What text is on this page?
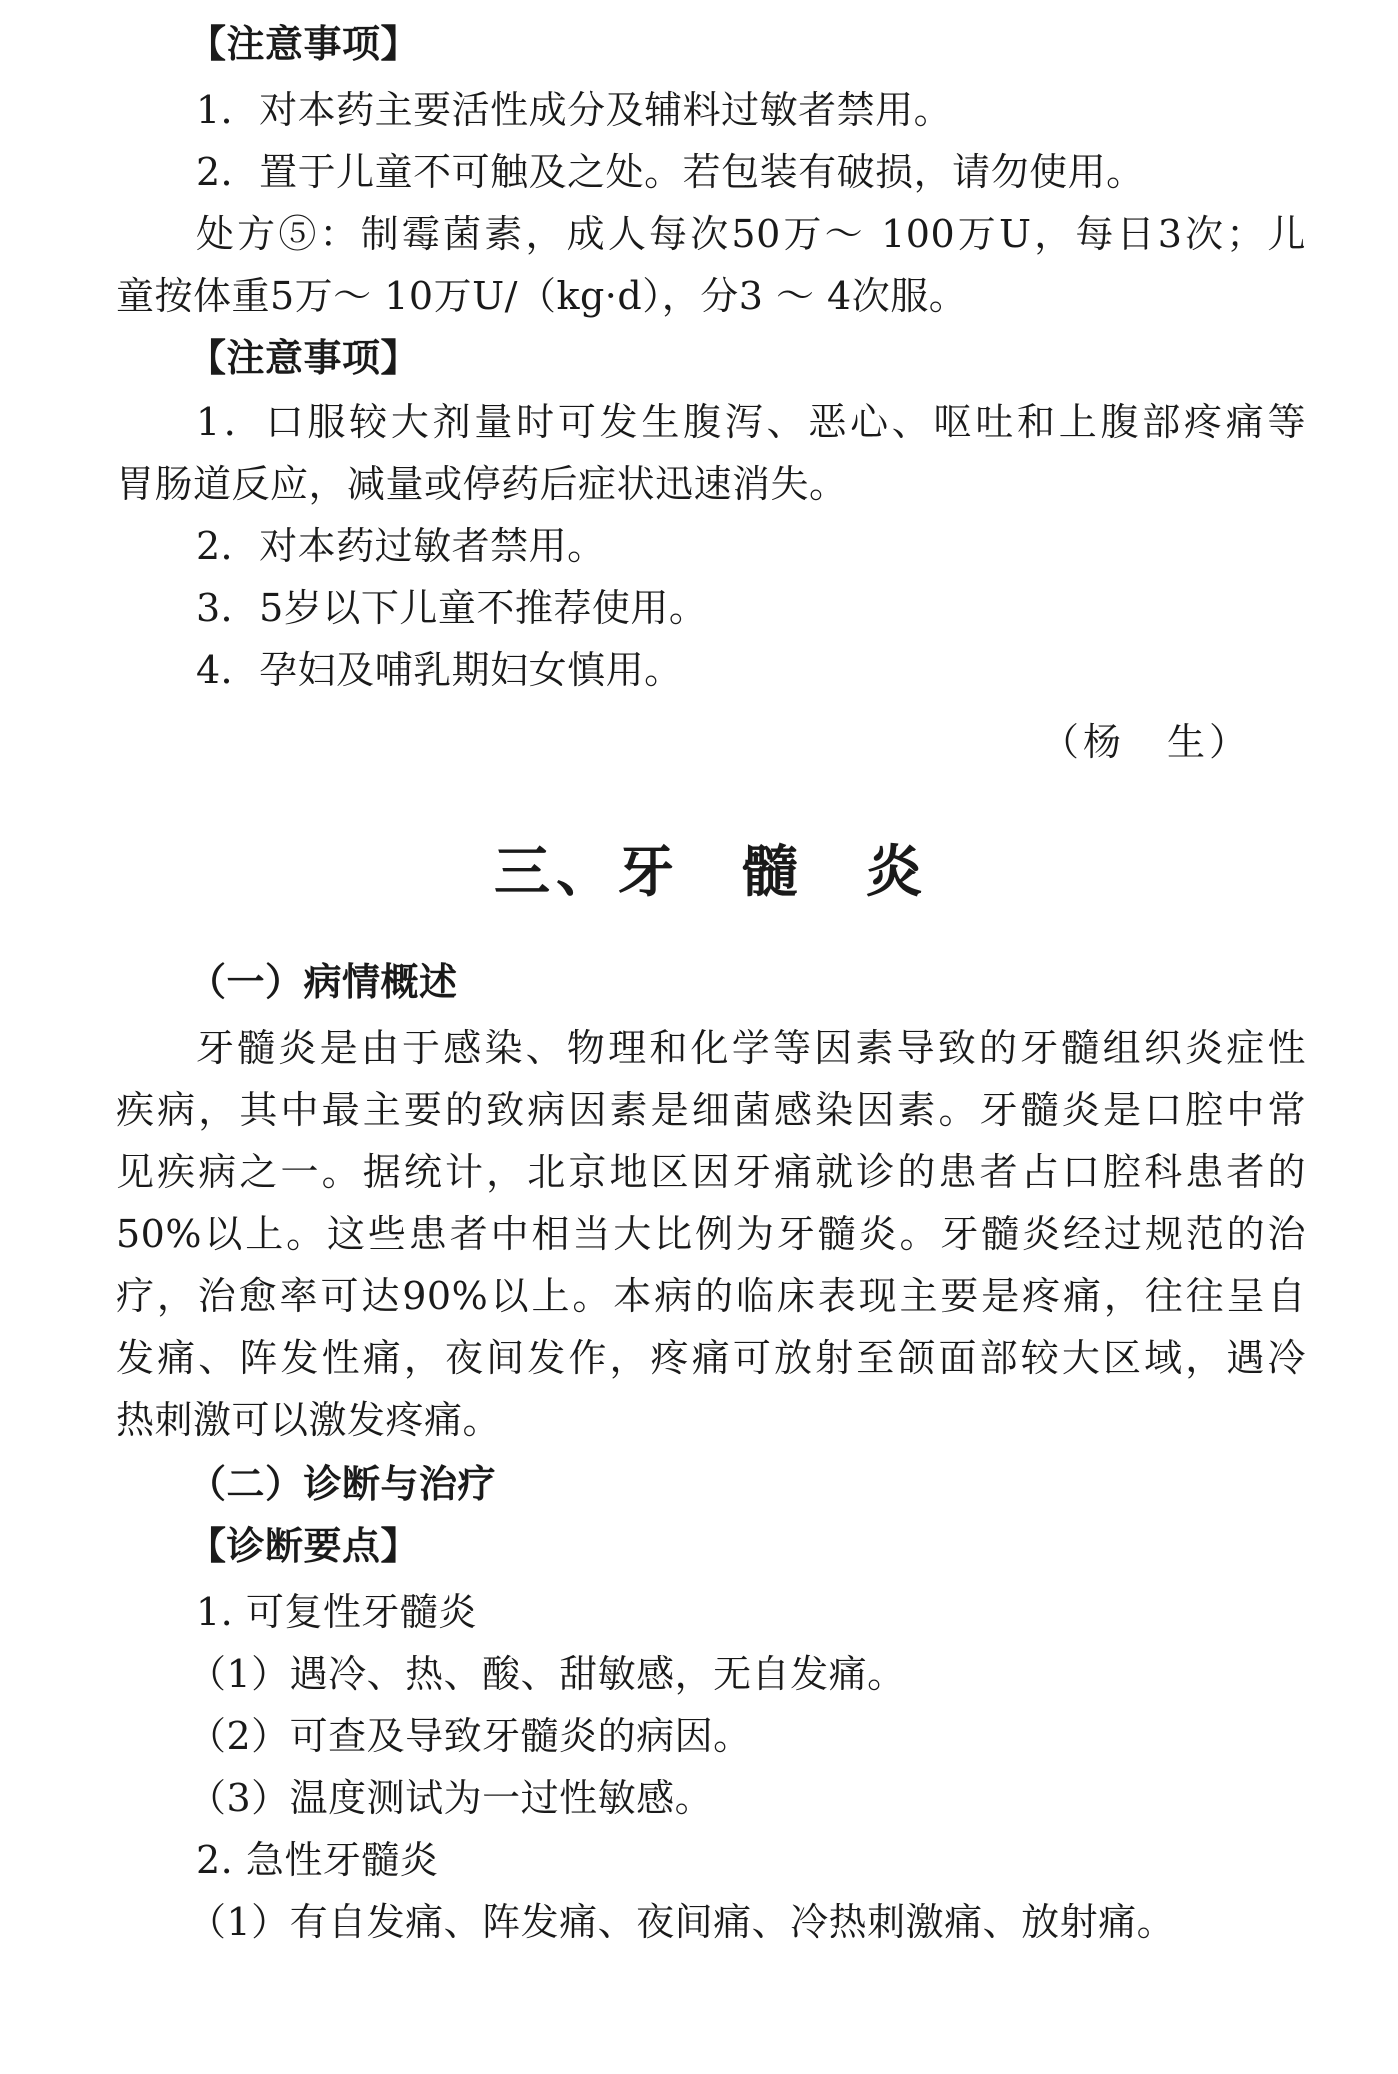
【注意事项】
1．对本药主要活性成分及辅料过敏者禁用。
2．置于儿童不可触及之处。若包装有破损，请勿使用。
处方⑤：制霉菌素，成人每次50万～ 100万U，每日3次；儿
童按体重5万～ 10万U/（kg·d），分3 ～ 4次服。
【注意事项】
1．口服较大剂量时可发生腹泻、恶心、呕吐和上腹部疼痛等
胃肠道反应，减量或停药后症状迅速消失。
2．对本药过敏者禁用。
3．5岁以下儿童不推荐使用。
4．孕妇及哺乳期妇女慎用。
（杨　生）
三、牙　髓　炎
（一）病情概述
牙髓炎是由于感染、物理和化学等因素导致的牙髓组织炎症性
疾病，其中最主要的致病因素是细菌感染因素。牙髓炎是口腔中常
见疾病之一。据统计，北京地区因牙痛就诊的患者占口腔科患者的
50%以上。这些患者中相当大比例为牙髓炎。牙髓炎经过规范的治
疗，治愈率可达90%以上。本病的临床表现主要是疼痛，往往呈自
发痛、阵发性痛，夜间发作，疼痛可放射至颌面部较大区域，遇冷
热刺激可以激发疼痛。
（二）诊断与治疗
【诊断要点】
1. 可复性牙髓炎
（1）遇冷、热、酸、甜敏感，无自发痛。
（2）可查及导致牙髓炎的病因。
（3）温度测试为一过性敏感。
2. 急性牙髓炎
（1）有自发痛、阵发痛、夜间痛、冷热刺激痛、放射痛。
